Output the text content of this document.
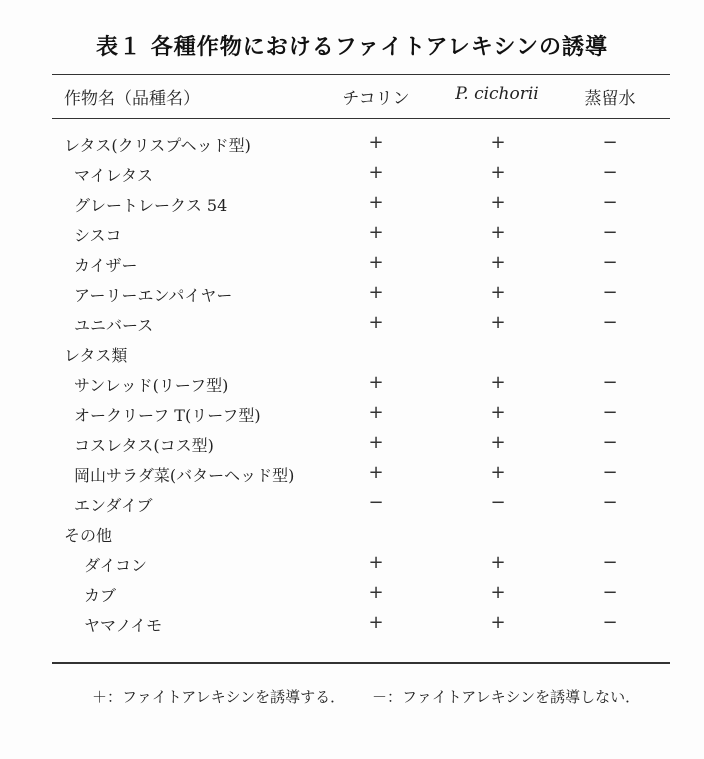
表１ 各種作物におけるファイトアレキシンの誘導
作物名（品種名）	チコリン	P. cichorii	蒸留水
レタス(クリスプヘッド型)	+	+	−
マイレタス	+	+	−
グレートレークス 54	+	+	−
シスコ	+	+	−
カイザー	+	+	−
アーリーエンパイヤー	+	+	−
ユニバース	+	+	−
レタス類
サンレッド(リーフ型)	+	+	−
オークリーフ T(リーフ型)	+	+	−
コスレタス(コス型)	+	+	−
岡山サラダ菜(バターヘッド型)	+	+	−
エンダイブ	−	−	−
その他
ダイコン	+	+	−
カブ	+	+	−
ヤマノイモ	+	+	−
＋：ファイトアレキシンを誘導する． －：ファイトアレキシンを誘導しない．
